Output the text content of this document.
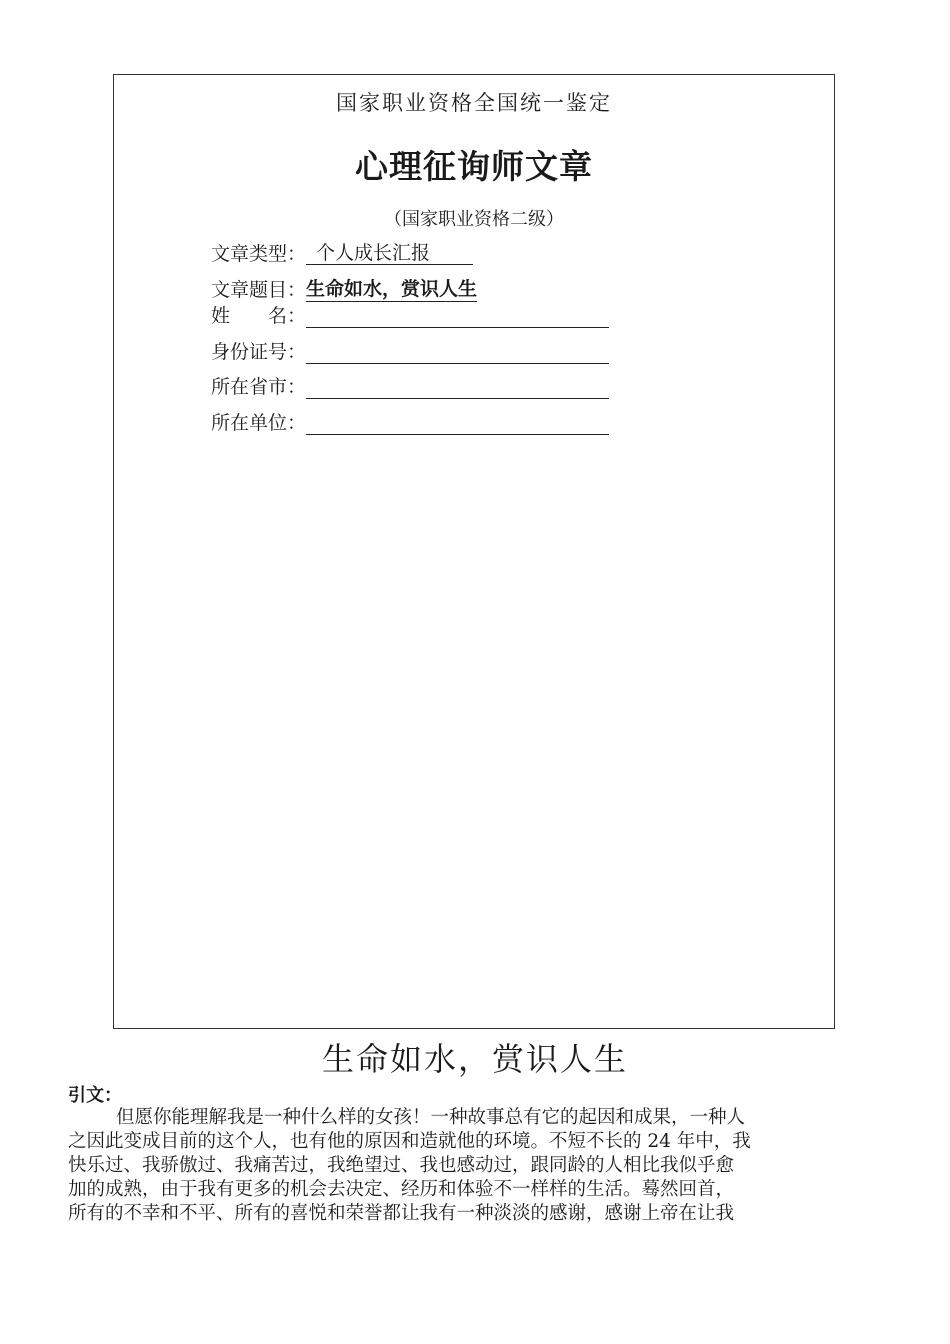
国家职业资格全国统一鉴定
心理征询师文章
（国家职业资格二级）
文章类型： 个人成长汇报
文章题目：生命如水，赏识人生
姓　　名：
身份证号：
所在省市：
所在单位：
生命如水，赏识人生
引文：
但愿你能理解我是一种什么样的女孩！一种故事总有它的起因和成果，一种人
之因此变成目前的这个人，也有他的原因和造就他的环境。不短不长的 24 年中，我
快乐过、我骄傲过、我痛苦过，我绝望过、我也感动过，跟同龄的人相比我似乎愈
加的成熟，由于我有更多的机会去决定、经历和体验不一样样的生活。蓦然回首，
所有的不幸和不平、所有的喜悦和荣誉都让我有一种淡淡的感谢，感谢上帝在让我
